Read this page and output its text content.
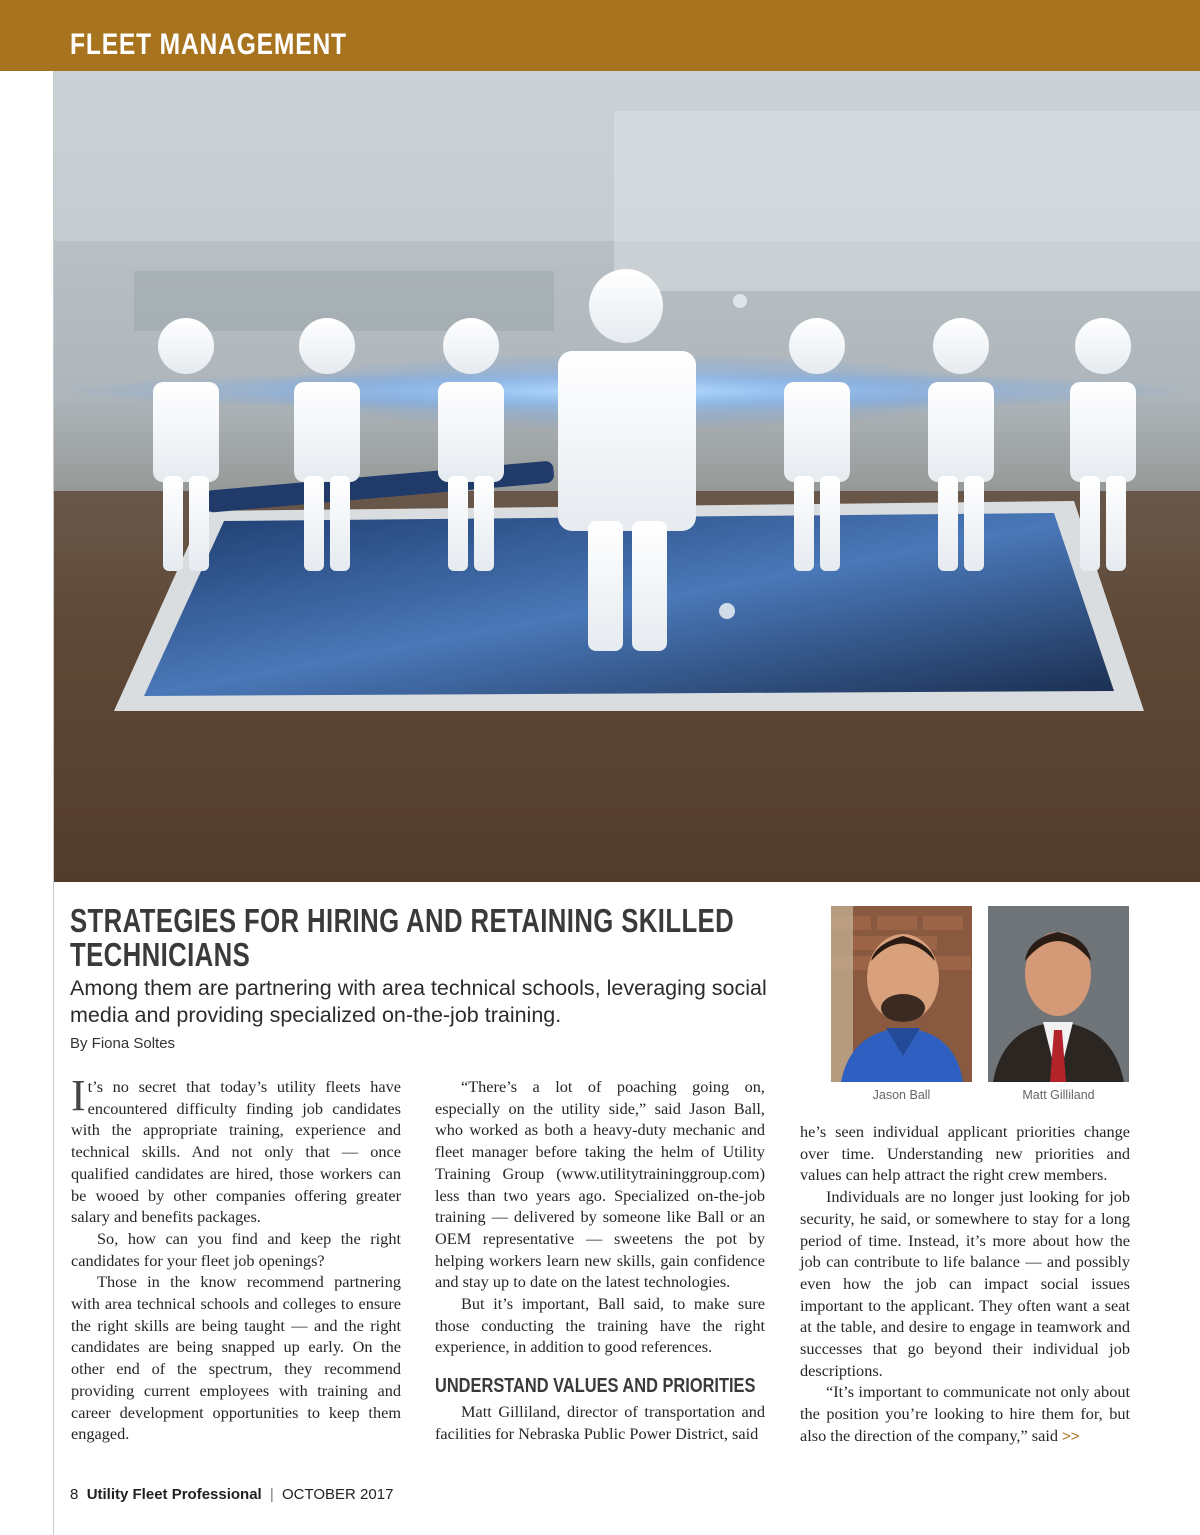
FLEET MANAGEMENT
STRATEGIES FOR HIRING AND RETAINING SKILLED
TECHNICIANS
Among them are partnering with area technical schools, leveraging social media and providing specialized on-the-job training.
By Fiona Soltes
Jason Ball	Matt Gilliland

It’s no secret that today’s utility fleets have encountered difficulty finding job candidates with the appropriate training, experience and technical skills. And not only that — once qualified candidates are hired, those workers can be wooed by other companies offering greater salary and benefits packages.

So, how can you find and keep the right candidates for your fleet job openings?

Those in the know recommend partnering with area technical schools and colleges to ensure the right skills are being taught — and the right candidates are being snapped up early. On the other end of the spectrum, they recommend providing current employees with training and career development opportunities to keep them engaged.

“There’s a lot of poaching going on, especially on the utility side,” said Jason Ball, who worked as both a heavy-duty mechanic and fleet manager before taking the helm of Utility Training Group (www.utilitytraininggroup.com) less than two years ago. Specialized on-the-job training — delivered by someone like Ball or an OEM representative — sweetens the pot by helping workers learn new skills, gain confidence and stay up to date on the latest technologies.

But it’s important, Ball said, to make sure those conducting the training have the right experience, in addition to good references.

UNDERSTAND VALUES AND PRIORITIES

Matt Gilliland, director of transportation and facilities for Nebraska Public Power District, said

he’s seen individual applicant priorities change over time. Understanding new priorities and values can help attract the right crew members.

Individuals are no longer just looking for job security, he said, or somewhere to stay for a long period of time. Instead, it’s more about how the job can contribute to life balance — and possibly even how the job can impact social issues important to the applicant. They often want a seat at the table, and desire to engage in teamwork and successes that go beyond their individual job descriptions.

“It’s important to communicate not only about the position you’re looking to hire them for, but also the direction of the company,” said >>

8 Utility Fleet Professional | OCTOBER 2017
